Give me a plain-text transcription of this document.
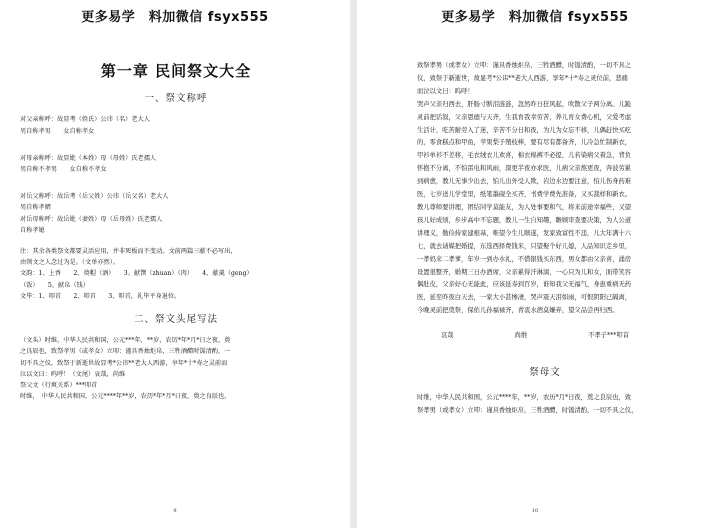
更多易学　料加微信 fsyx555
第一章 民间祭文大全
一、祭文称呼
对父亲称呼：故显考（姓氏）公讳（名）老大人
男自称孝男　　女自称孝女
对母亲称呼：故显妣（本姓）母（母姓）氏老孺人
男自称不孝男　　女自称不孝女
对岳父称呼：故岳考（岳父姓）公讳（岳父名）老大人
男自称孝婿
对岳母称呼：故岳妣（妻姓）母（岳母姓）氏老孺人
自称孝媳
注：其余各类祭文都要灵活应用，并非死板而不变动。文前两篇三献不必写出，
由领文之人念过为是。（文单亦然）。
文韵：1、上香　　2、奠帽（酒）　　3、献馔（zhuan）（肉）　　4、献羹（geng）
（饭）　　5、献帛（钱）
文毕：1、叩首　　2、叩首　　3、叩首，礼毕平身退位。
二、祭文头尾写法
（文头）时维，中华人民共和国，公元***年，**岁，农历*年*月*日之夜，奠
之良辰也，致祭孝男（或孝女）立叩：谨具香烛炬帛，三牲酒醴时馐清酌，一
切不具之仪，致祭于新逝世故显考*公讳**老大人西游，享年*十*寿之灵前而
泣以文曰：呜呼！（文尾）哀哉，尚维
祭父文（行爽关系）***叩首
时维，　中华人民共和国，公元****年**岁，农历*年*月*日夜，奠之良辰也，
9
更多易学　料加微信 fsyx555
致祭孝男（或孝女）立叩：谨具香烛炬帛，三牲酒醴，时馐清酌，一切不具之
仪，致祭于新逝世，故显考*公讳**老大人西游，享年*十*寿之灵位前，悲痛
而泣以文曰：呜呼！
哭声父亲归西去，肝肠寸断泪涟涟，忽然昨日狂风起，吹散父子两分离。儿跪
灵前把话叙，父亲恩德与天齐，生我育我幸劳苦，养儿育女费心机，父爱考虑
生活计，吃苦耐劳入了迷，辛苦不分日和夜，为儿为女忘不移，儿偶赶快买吃
的，零食糕点和甲鱼，苹果梨子殖枝棒，要有尽有都备齐，儿冷急忙制新衣，
甲衫单衫不差移，毛衣绒衣儿欢喜，棉衣棉裤不必提，儿若染病父着急，背负
怀抱不分离，不怕雷电和风雨，深更半夜亦求医，儿病父亲熬更夜，奔波劳累
到病愈，教儿无事少出去，怕儿出外受人欺，岩边水边要注意，怕儿伤身药难
医，七岁送儿学堂里，纸笔墨砚全买齐，书费学费先准备，又买裁样和新衣。
教儿尊师要讲理，团结同学莫能友，为人处事要和气，将来前途幸福些，又望
孩儿好成绩，步步高中不忘题，教儿一生自知趣，瞻顾审查要决策，为人公道
讲理义，勤俭持家建根基，唯望今生儿顺遂，发家致富性不违，儿大年满十六
七，就去请媒把婚提，东选西择费钱米，只望娶个好儿媳，人品知识走乡里，
一孝妈来二孝爹，年岁一到办水礼，不惜银钱买东西，男女都由父亲喜，涌房
设置很整齐，婚期三日办酒席，父亲累得汗淋漓，一心只为儿和女，面带笑容
偶肚皮，父亲好心无能此，应该延寿到百岁，谁知我父无福气，身患重病无药
医，延至昨夜白天去，一家大小甚惨凄，哭声震天泪如雨，可恨阴阳已隔离，
今晚灵前把奠祭，保佑儿孙福禄齐，青衷水酒莫嫌弃，望父品尝再归西。
哀哉	尚维	不孝子***叩首
祭母文
时维，中华人民共和国，公元****年，**岁，农历*月*日夜，奠之良辰也，致
祭孝男（或孝女）立叩：谨具香烛炬帛，三牲酒醴，时馐清酌，一切不具之仪，
10
